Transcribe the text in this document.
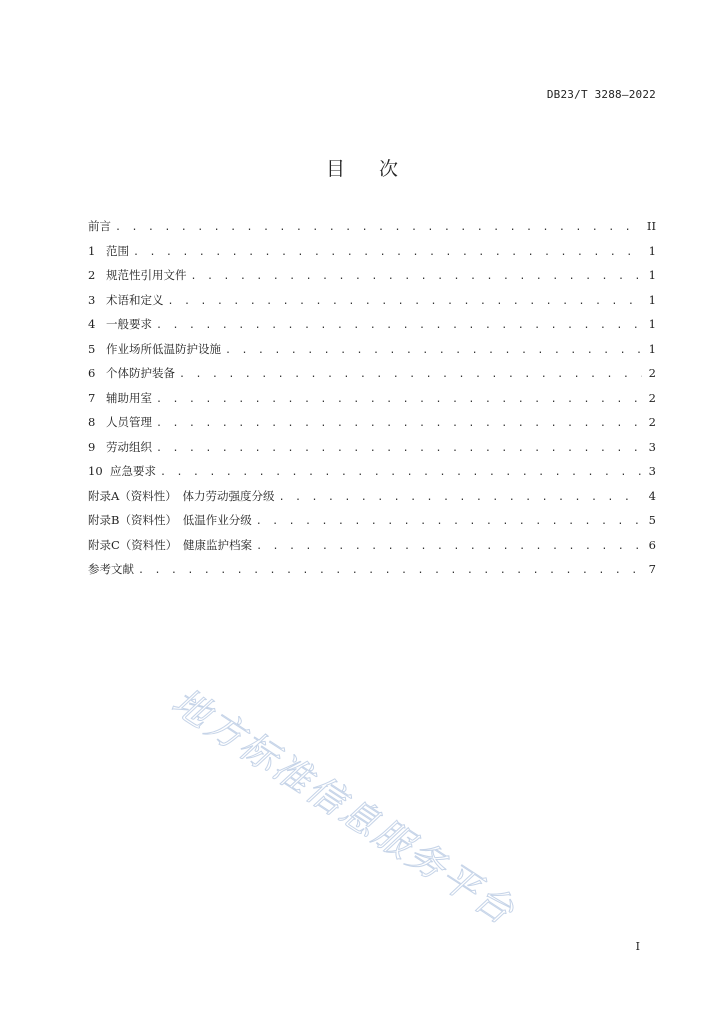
DB23/T 3288—2022
目 次
前言 . . .	II
1 范围 . . .	1
2 规范性引用文件 . . .	1
3 术语和定义 . . .	1
4 一般要求 . . .	1
5 作业场所低温防护设施 . . .	1
6 个体防护装备 . . .	2
7 辅助用室 . . .	2
8 人员管理 . . .	2
9 劳动组织 . . .	3
10 应急要求 . . .	3
附录A（资料性）　体力劳动强度分级 . . .	4
附录B（资料性）　低温作业分级 . . .	5
附录C（资料性）　健康监护档案 . . .	6
参考文献 . . .	7
地方标准信息服务平台
I
